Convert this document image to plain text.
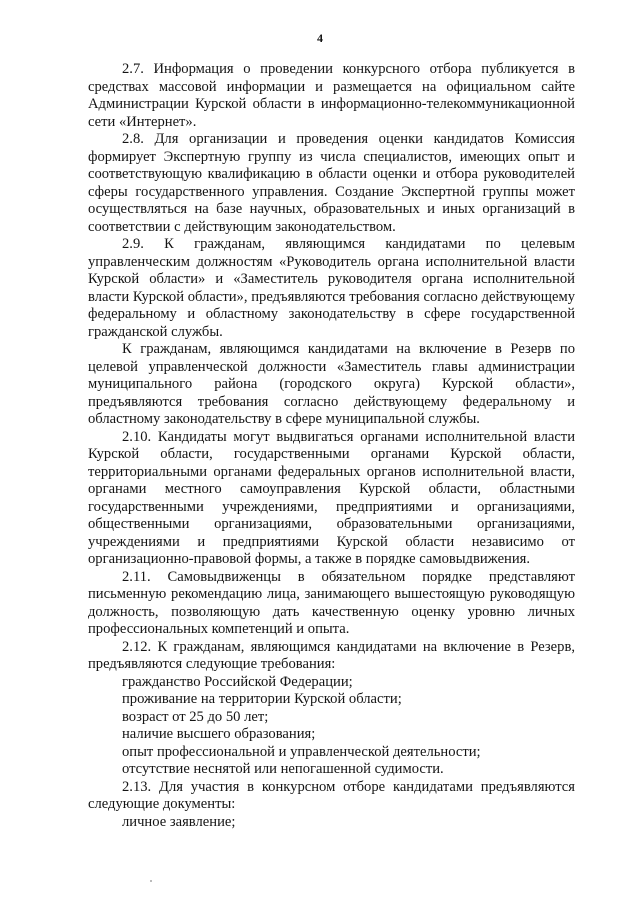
4

2.7. Информация о проведении конкурсного отбора публикуется в средствах массовой информации и размещается на официальном сайте Администрации Курской области в информационно-телекоммуникационной сети «Интернет».

2.8. Для организации и проведения оценки кандидатов Комиссия формирует Экспертную группу из числа специалистов, имеющих опыт и соответствующую квалификацию в области оценки и отбора руководителей сферы государственного управления. Создание Экспертной группы может осуществляться на базе научных, образовательных и иных организаций в соответствии с действующим законодательством.

2.9. К гражданам, являющимся кандидатами по целевым управленческим должностям «Руководитель органа исполнительной власти Курской области» и «Заместитель руководителя органа исполнительной власти Курской области», предъявляются требования согласно действующему федеральному и областному законодательству в сфере государственной гражданской службы.

К гражданам, являющимся кандидатами на включение в Резерв по целевой управленческой должности «Заместитель главы администрации муниципального района (городского округа) Курской области», предъявляются требования согласно действующему федеральному и областному законодательству в сфере муниципальной службы.

2.10. Кандидаты могут выдвигаться органами исполнительной власти Курской области, государственными органами Курской области, территориальными органами федеральных органов исполнительной власти, органами местного самоуправления Курской области, областными государственными учреждениями, предприятиями и организациями, общественными организациями, образовательными организациями, учреждениями и предприятиями Курской области независимо от организационно-правовой формы, а также в порядке самовыдвижения.

2.11. Самовыдвиженцы в обязательном порядке представляют письменную рекомендацию лица, занимающего вышестоящую руководящую должность, позволяющую дать качественную оценку уровню личных профессиональных компетенций и опыта.

2.12. К гражданам, являющимся кандидатами на включение в Резерв, предъявляются следующие требования:

гражданство Российской Федерации;

проживание на территории Курской области;

возраст от 25 до 50 лет;

наличие высшего образования;

опыт профессиональной и управленческой деятельности;

отсутствие неснятой или непогашенной судимости.

2.13. Для участия в конкурсном отборе кандидатами предъявляются следующие документы:

личное заявление;
